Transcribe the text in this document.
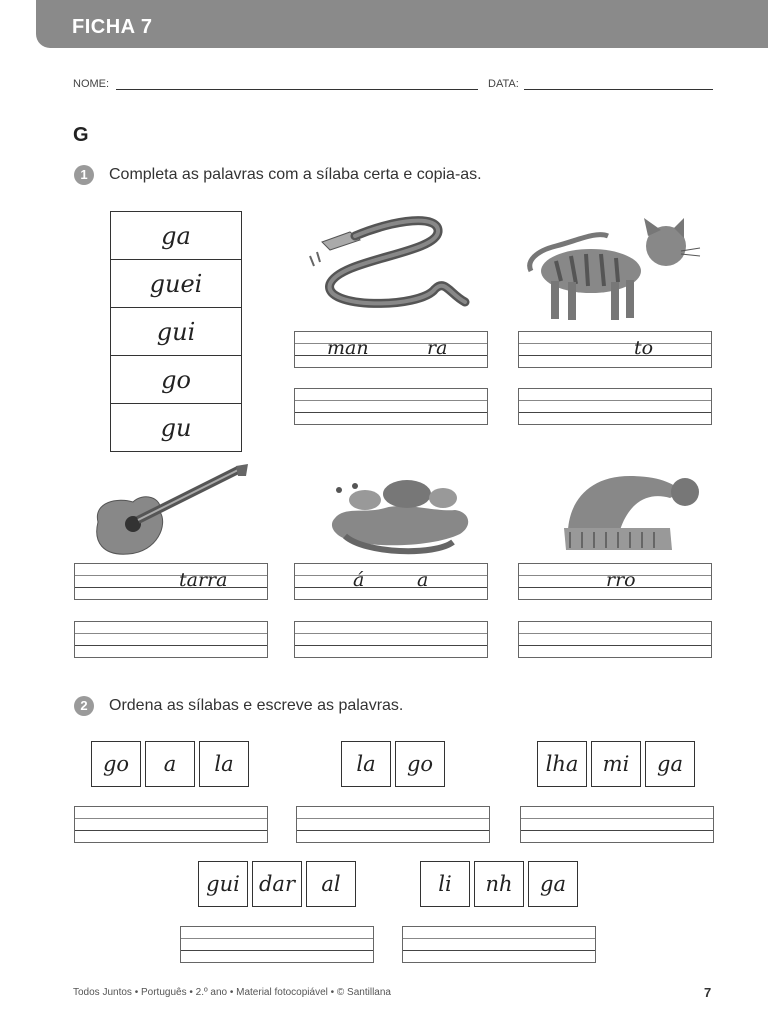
FICHA 7
NOME:	DATA:
G
1	Completa as palavras com a sílaba certa e copia-as.
ga
guei
gui
go
gu
man	ra	to
tarra	á	a	rro
2	Ordena as sílabas e escreve as palavras.
go	a	la	la	go	lha	mi	ga
gui dar	al	li	nh	ga
Todos Juntos • Português • 2.º ano • Material fotocopiável • © Santillana	7
